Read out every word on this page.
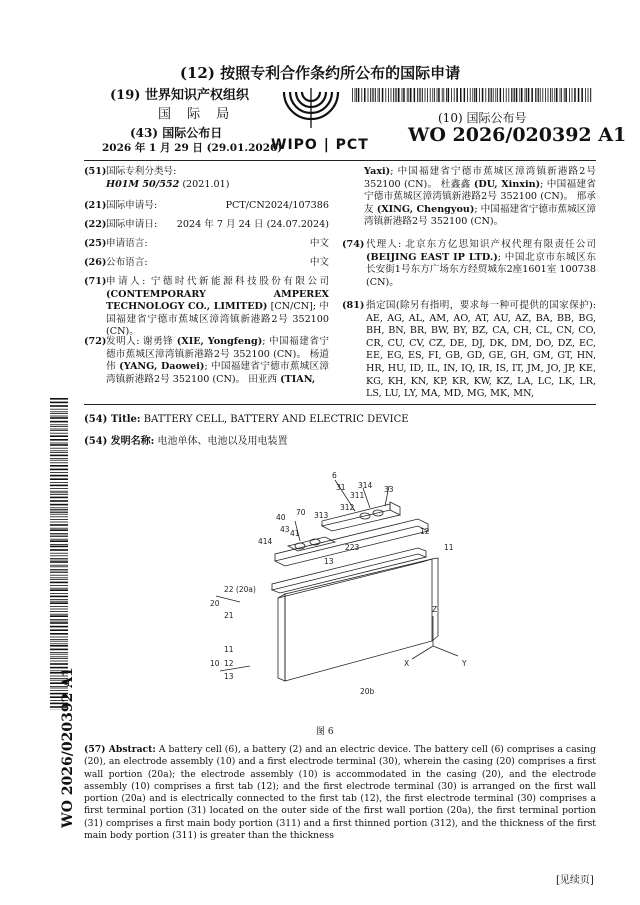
(12) 按照专利合作条约所公布的国际申请
(19) 世界知识产权组织
国 际 局
(43) 国际公布日
2026 年 1 月 29 日 (29.01.2026)
WIPO | PCT
(10) 国际公布号
WO 2026/020392 A1
(51) 国际专利分类号:
H01M 50/552 (2021.01)
(21) 国际申请号:	PCT/CN2024/107386
(22) 国际申请日: 2024 年 7 月 24 日 (24.07.2024)
(25) 申请语言:	中文
(26) 公布语言:	中文
(71) 申请人: 宁德时代新能源科技股份有限公司 (CONTEMPORARY AMPEREX TECHNOLOGY CO., LIMITED) [CN/CN]; 中国福建省宁德市蕉城区漳湾镇新港路2号 352100 (CN)。
(72) 发明人: 谢勇锋 (XIE, Yongfeng); 中国福建省宁德市蕉城区漳湾镇新港路2号 352100 (CN)。 杨道伟 (YANG, Daowei); 中国福建省宁德市蕉城区漳湾镇新港路2号 352100 (CN)。 田亚西 (TIAN,
Yaxi); 中国福建省宁德市蕉城区漳湾镇新港路2号 352100 (CN)。 杜鑫鑫 (DU, Xinxin); 中国福建省宁德市蕉城区漳湾镇新港路2号 352100 (CN)。 邢承友 (XING, Chengyou); 中国福建省宁德市蕉城区漳湾镇新港路2号 352100 (CN)。
(74) 代理人: 北京东方亿思知识产权代理有限责任公司 (BEIJING EAST IP LTD.); 中国北京市东城区东长安街1号东方广场东方经贸城东2座1601室 100738 (CN)。
(81) 指定国(除另有指明，要求每一种可提供的国家保护): AE, AG, AL, AM, AO, AT, AU, AZ, BA, BB, BG, BH, BN, BR, BW, BY, BZ, CA, CH, CL, CN, CO, CR, CU, CV, CZ, DE, DJ, DK, DM, DO, DZ, EC, EE, EG, ES, FI, GB, GD, GE, GH, GM, GT, HN, HR, HU, ID, IL, IN, IQ, IR, IS, IT, JM, JO, JP, KE, KG, KH, KN, KP, KR, KW, KZ, LA, LC, LK, LR, LS, LU, LY, MA, MD, MG, MK, MN,
(54) Title: BATTERY CELL, BATTERY AND ELECTRIC DEVICE
(54) 发明名称: 电池单体、电池以及用电装置
6
31 314 33
311
312
70 313
40
43 41
414
12
223	11
13
22 (20a)
20
21
Z
X	Y
11
10 12
13
20b
图 6
(57) Abstract: A battery cell (6), a battery (2) and an electric device. The battery cell (6) comprises a casing (20), an electrode assembly (10) and a first electrode terminal (30), wherein the casing (20) comprises a first wall portion (20a); the electrode assembly (10) is accommodated in the casing (20), and the electrode assembly (10) comprises a first tab (12); and the first electrode terminal (30) is arranged on the first wall portion (20a) and is electrically connected to the first tab (12), the first electrode terminal (30) comprises a first terminal portion (31) located on the outer side of the first wall portion (20a), the first terminal portion (31) comprises a first main body portion (311) and a first thinned portion (312), and the thickness of the first main body portion (311) is greater than the thickness
WO 2026/020392 A1
[见续页]
